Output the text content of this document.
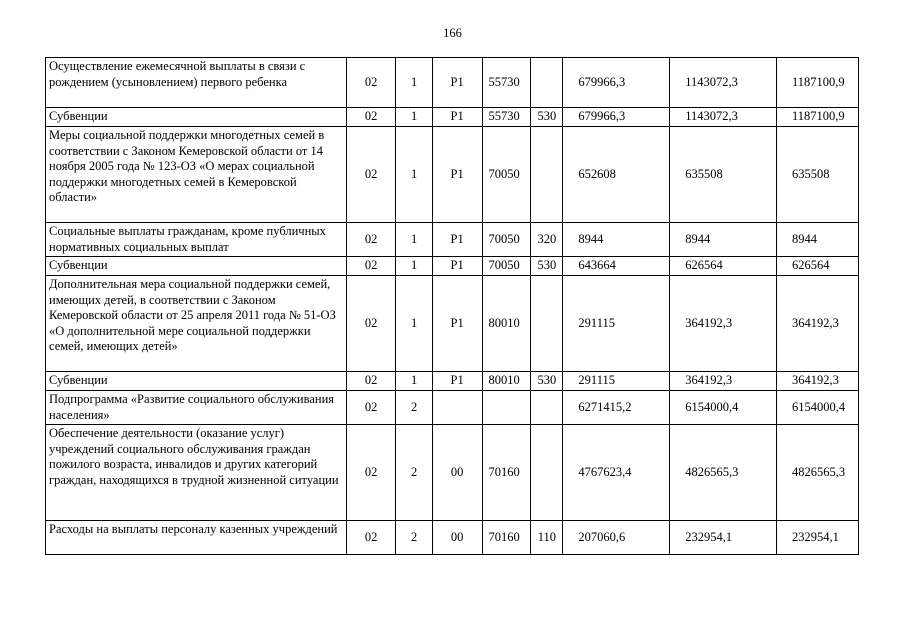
166
Осуществление ежемесячной выплаты в связи с рождением (усыновлением) первого ребенка	02	1	P1	55730		679966,3	1143072,3	1187100,9
Субвенции	02	1	P1	55730	530	679966,3	1143072,3	1187100,9
Меры социальной поддержки многодетных семей в соответствии с Законом Кемеровской области от 14 ноября 2005 года № 123-ОЗ «О мерах социальной поддержки многодетных семей в Кемеровской области»	02	1	P1	70050		652608	635508	635508
Социальные выплаты гражданам, кроме публичных нормативных социальных выплат	02	1	P1	70050	320	8944	8944	8944
Субвенции	02	1	P1	70050	530	643664	626564	626564
Дополнительная мера социальной поддержки семей, имеющих детей, в соответствии с Законом Кемеровской области от 25 апреля 2011 года № 51-ОЗ «О дополнительной мере социальной поддержки семей, имеющих детей»	02	1	P1	80010		291115	364192,3	364192,3
Субвенции	02	1	P1	80010	530	291115	364192,3	364192,3
Подпрограмма «Развитие социального обслуживания населения»	02	2				6271415,2	6154000,4	6154000,4
Обеспечение деятельности (оказание услуг) учреждений социального обслуживания граждан пожилого возраста, инвалидов и других категорий граждан, находящихся в трудной жизненной ситуации	02	2	00	70160		4767623,4	4826565,3	4826565,3
Расходы на выплаты персоналу казенных учреждений	02	2	00	70160	110	207060,6	232954,1	232954,1
